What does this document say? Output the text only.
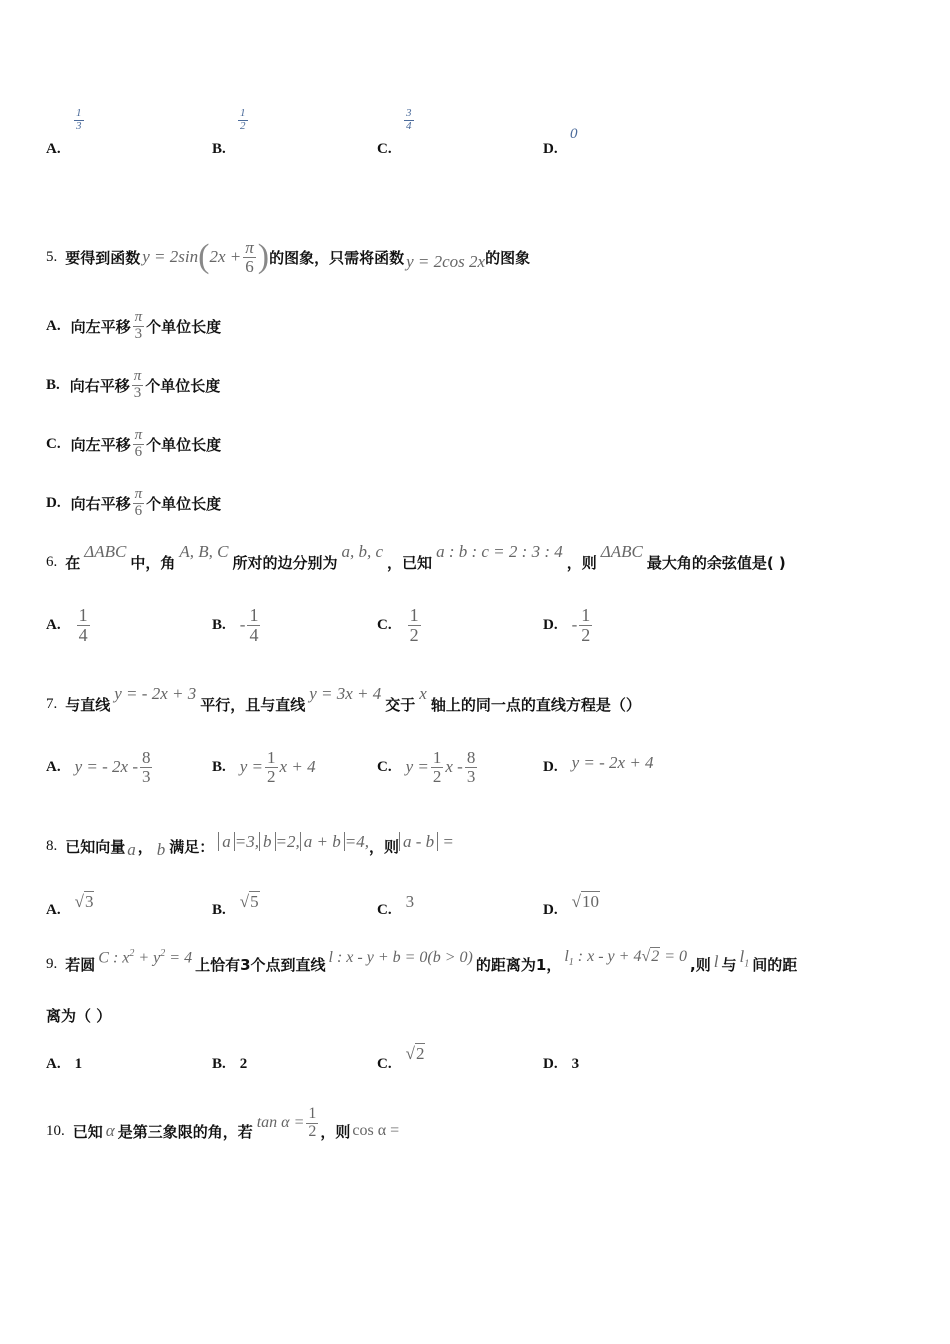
A.
$\frac{1}{3}$
B.
$\frac{1}{2}$
C.
$\frac{3}{4}$
D.
0
5. 要得到函数 y = 2sin ( $2x + \frac{\pi}{6}$ ) 的图象，只需将函数 y = 2cos 2x 的图象
A. 向左平移 $\frac{\pi}{3}$ 个单位长度
B. 向右平移 $\frac{\pi}{3}$ 个单位长度
C. 向左平移 $\frac{\pi}{6}$ 个单位长度
D. 向右平移 $\frac{\pi}{6}$ 个单位长度
6. 在
ΔABC
中，角
A, B, C
所对的边分别为
a, b, c
，已知
a : b : c = 2 : 3 : 4
，则
ΔABC
最大角的余弦值是( )
A. $\frac{1}{4}$	B. - $\frac{1}{4}$	C. $\frac{1}{2}$	D. - $\frac{1}{2}$
7. 与直线
y = - 2x + 3
平行，且与直线
y = 3x + 4
交于
x
轴上的同一点的直线方程是（）
A. y = - $2x - \frac{8}{3}$	B. $y = \frac{1}{2}$ x + 4	C. $y = \frac{1}{2}$ x - $\frac{8}{3}$	D. y = - 2x + 4
8. 已知向量 a ， b 满足： a =3, b =2, a + b =4, ，则 a - b =
A. √3	B. √5	C. 3	D. √10
9. 若圆 C : $x^2 + y^2 = 4$ 上恰有3个点到直线 l : x - y + b = 0(b > 0) 的距离为1， $l_1$ : x - y + 4√2 = 0 ,则 l 与 $l_1$ 间的距
离为（ ）
A. 1	B. 2	C.
√2
D. 3
10. 已知 α 是第三象限的角，若 $\tan \alpha = \frac{1}{2}$ ，则 cos α =
